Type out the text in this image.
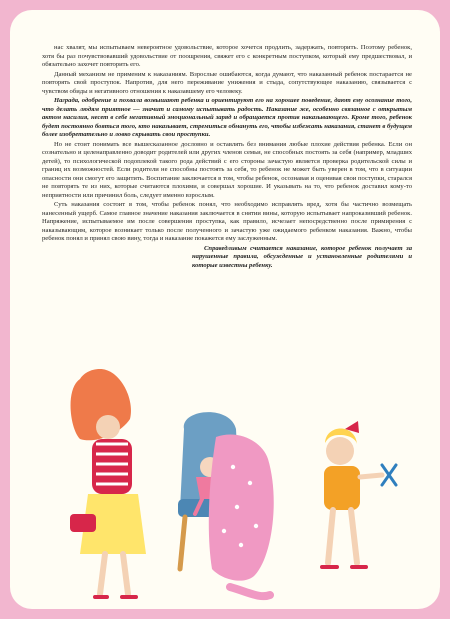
нас хвалят, мы испытываем невероятное удовольствие, которое хочется продлить, задержать, повторить. Поэтому ребенок, хотя бы раз почувствовавший удовольствие от поощрения, свяжет его с конкретным поступком, который ему предшествовал, и обязательно захочет повторить его.

Данный механизм не применим к наказаниям. Взрослые ошибаются, когда думают, что наказанный ребенок постарается не повторять свой проступок. Напротив, для него переживание унижения и стыда, сопутствующее наказанию, связывается с чувством обиды и негативного отношения к наказавшему его человеку.

Награда, одобрение и похвала возвышают ребенка и ориентируют его на хорошее поведение, дают ему осознание того, что делать людям приятное — значит и самому испытывать радость. Наказание же, особенно связанное с открытым актом насилия, несет в себе негативный эмоциональный заряд и обращается против наказывающего. Кроме того, ребенок будет постоянно бояться того, кто наказывает, стремиться обмануть его, чтобы избежать наказания, станет в будущем более изобретательно и ловко скрывать свои проступки.

Но не стоит понимать все вышесказанное дословно и оставлять без внимания любые плохие действия ребенка. Если он сознательно и целенаправленно доводит родителей или других членов семьи, не способных постоять за себя (например, младших детей), то психологической подоплекой такого рода действий с его стороны зачастую является проверка родительской силы и границ их возможностей. Если родители не способны постоять за себя, то ребенок не может быть уверен в том, что в ситуации опасности они смогут его защитить. Воспитание заключается в том, чтобы ребенок, осознавая и оценивая свои поступки, старался не повторять те из них, которые считаются плохими, и совершал хорошие. И указывать на то, что ребенок доставил кому-то неприятности или причинил боль, следует именно взрослым.

Суть наказания состоит в том, чтобы ребенок понял, что необходимо исправлять вред, хотя бы частично возмещать нанесенный ущерб. Самое главное значение наказания заключается в снятии вины, которую испытывает напроказивший ребенок. Напряжение, испытываемое им после совершения проступка, как правило, исчезает непосредственно после примирения с наказывающим, которое возникает только после полученного и зачастую уже ожидаемого ребенком наказания. Важно, чтобы ребенок понял и принял свою вину, тогда и наказание покажется ему заслуженным.

Справедливым считается наказание, которое ребенок получает за нарушенные правила, обсужденные и установленные родителями и которые известны ребенку.
